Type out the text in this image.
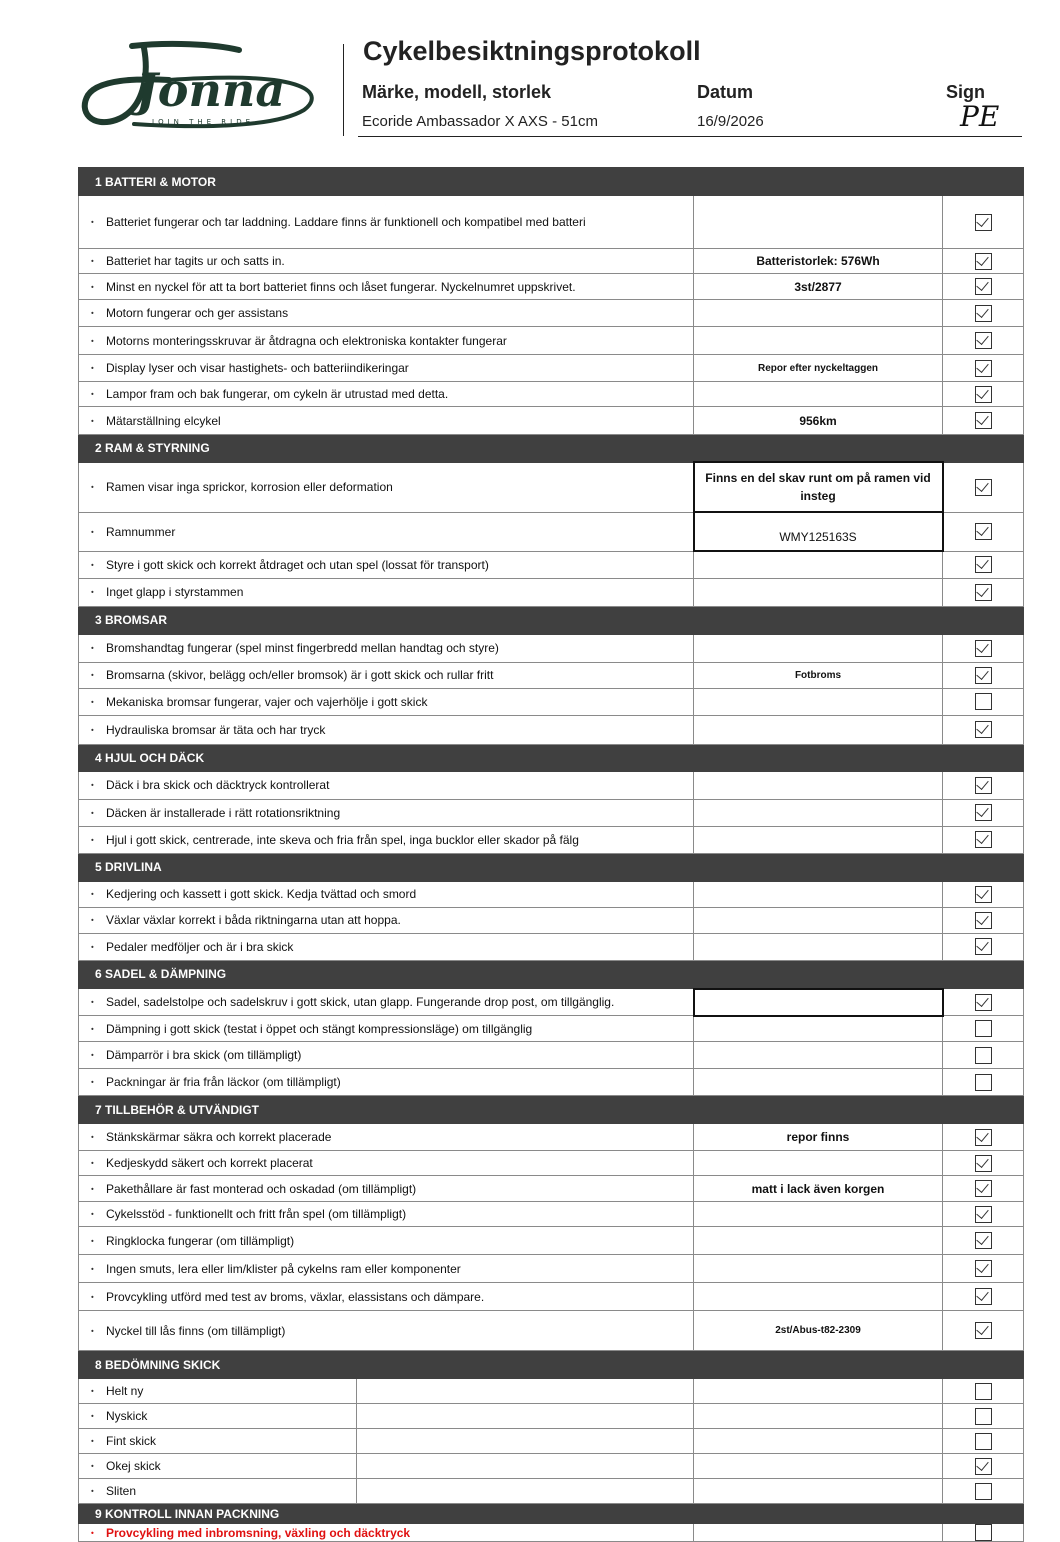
Jonna
JOIN THE RIDE
Cykelbesiktningsprotokoll
Märke, modell, storlek	Datum	Sign
Ecoride Ambassador X AXS - 51cm	16/9/2026	PE
1 BATTERI & MOTOR		
• Batteriet fungerar och tar laddning. Laddare finns är funktionell och kompatibel med batteri		
• Batteriet har tagits ur och satts in.	Batteristorlek: 576Wh	
• Minst en nyckel för att ta bort batteriet finns och låset fungerar. Nyckelnumret uppskrivet.	3st/2877	
• Motorn fungerar och ger assistans		
• Motorns monteringsskruvar är åtdragna och elektroniska kontakter fungerar		
• Display lyser och visar hastighets- och batteriindikeringar	Repor efter nyckeltaggen	
• Lampor fram och bak fungerar, om cykeln är utrustad med detta.		
• Mätarställning elcykel	956km	
2 RAM & STYRNING		
• Ramen visar inga sprickor, korrosion eller deformation	Finns en del skav runt om på ramen vid insteg	
• Ramnummer	WMY125163S	
• Styre i gott skick och korrekt åtdraget och utan spel (lossat för transport)		
• Inget glapp i styrstammen		
3 BROMSAR		
• Bromshandtag fungerar (spel minst fingerbredd mellan handtag och styre)		
• Bromsarna (skivor, belägg och/eller bromsok) är i gott skick och rullar fritt	Fotbroms	
• Mekaniska bromsar fungerar, vajer och vajerhölje i gott skick		
• Hydrauliska bromsar är täta och har tryck		
4 HJUL OCH DÄCK		
• Däck i bra skick och däcktryck kontrollerat		
• Däcken är installerade i rätt rotationsriktning		
• Hjul i gott skick, centrerade, inte skeva och fria från spel, inga bucklor eller skador på fälg		
5 DRIVLINA		
• Kedjering och kassett i gott skick. Kedja tvättad och smord		
• Växlar växlar korrekt i båda riktningarna utan att hoppa.		
• Pedaler medföljer och är i bra skick		
6 SADEL & DÄMPNING		
• Sadel, sadelstolpe och sadelskruv i gott skick, utan glapp. Fungerande drop post, om tillgänglig.		
• Dämpning i gott skick (testat i öppet och stängt kompressionsläge) om tillgänglig		
• Dämparrör i bra skick (om tillämpligt)		
• Packningar är fria från läckor (om tillämpligt)		
7 TILLBEHÖR & UTVÄNDIGT		
• Stänkskärmar säkra och korrekt placerade	repor finns	
• Kedjeskydd säkert och korrekt placerat		
• Pakethållare är fast monterad och oskadad (om tillämpligt)	matt i lack även korgen	
• Cykelsstöd - funktionellt och fritt från spel (om tillämpligt)		
• Ringklocka fungerar (om tillämpligt)		
• Ingen smuts, lera eller lim/klister på cykelns ram eller komponenter		
• Provcykling utförd med test av broms, växlar, elassistans och dämpare.		
• Nyckel till lås finns (om tillämpligt)	2st/Abus-t82-2309	
8 BEDÖMNING SKICK		

• Helt ny

• Nyskick

• Fint skick

• Okej skick

• Sliten

9 KONTROLL INNAN PACKNING		
• Provcykling med inbromsning, växling och däcktryck		
